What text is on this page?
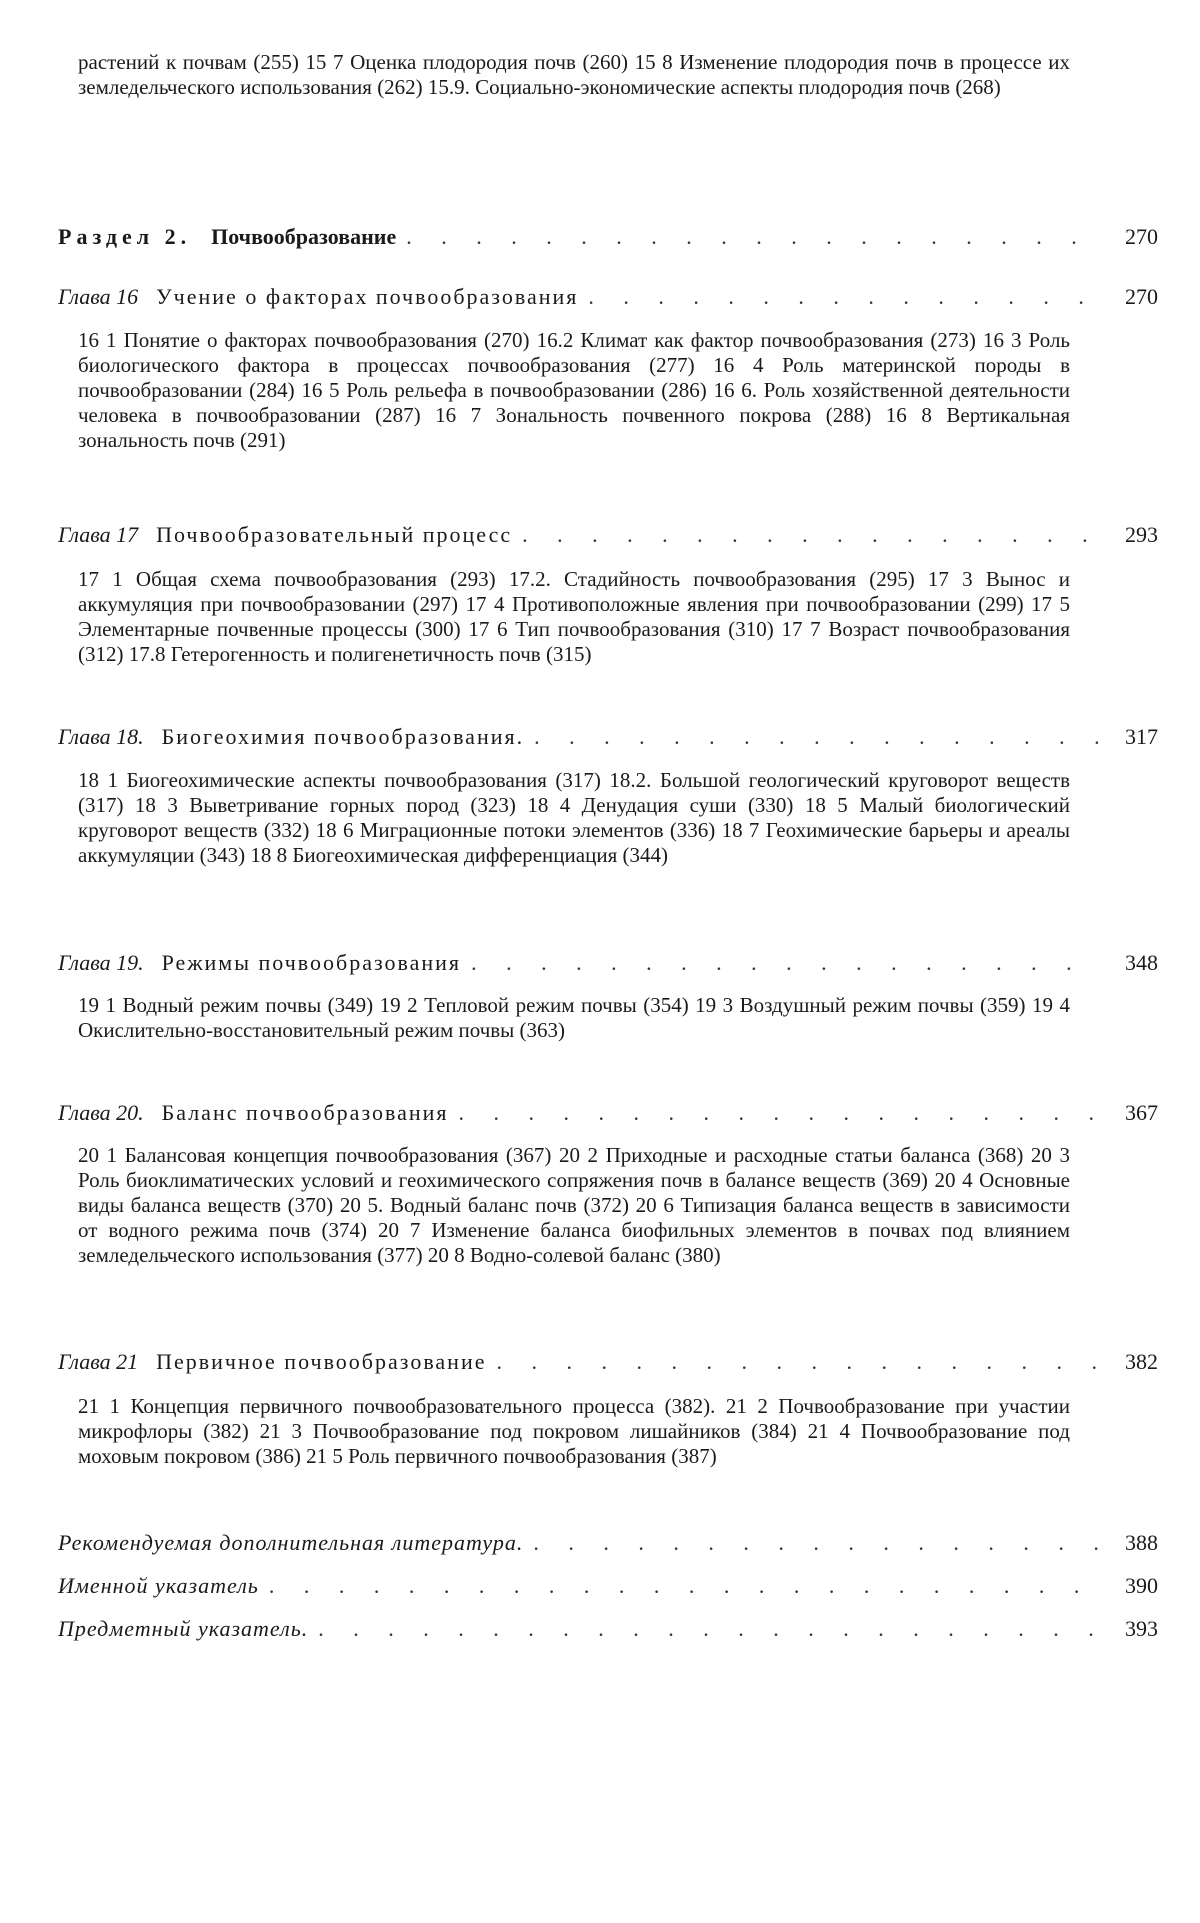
растений к почвам (255) 15 7 Оценка плодородия почв (260) 15 8 Изменение плодородия почв в процессе их земледельческого использования (262) 15.9. Социально-экономические аспекты плодородия почв (268)

Раздел 2. Почвообразование . . .	270
Глава 16 Учение о факторах почвообразования . . .	270

16 1 Понятие о факторах почвообразования (270) 16.2 Климат как фактор почвообразования (273) 16 3 Роль биологического фактора в процессах почвообразования (277) 16 4 Роль материнской породы в почвообразовании (284) 16 5 Роль рельефа в почвообразовании (286) 16 6. Роль хозяйственной деятельности человека в почвообразовании (287) 16 7 Зональность почвенного покрова (288) 16 8 Вертикальная зональность почв (291)

Глава 17 Почвообразовательный процесс . . .	293

17 1 Общая схема почвообразования (293) 17.2. Стадийность почвообразования (295) 17 3 Вынос и аккумуляция при почвообразовании (297) 17 4 Противоположные явления при почвообразовании (299) 17 5 Элементарные почвенные процессы (300) 17 6 Тип почвообразования (310) 17 7 Возраст почвообразования (312) 17.8 Гетерогенность и полигенетичность почв (315)

Глава 18. Биогеохимия почвообразования. . . .	317

18 1 Биогеохимические аспекты почвообразования (317) 18.2. Большой геологический круговорот веществ (317) 18 3 Выветривание горных пород (323) 18 4 Денудация суши (330) 18 5 Малый биологический круговорот веществ (332) 18 6 Миграционные потоки элементов (336) 18 7 Геохимические барьеры и ареалы аккумуляции (343) 18 8 Биогеохимическая дифференциация (344)

Глава 19. Режимы почвообразования . . .	348

19 1 Водный режим почвы (349) 19 2 Тепловой режим почвы (354) 19 3 Воздушный режим почвы (359) 19 4 Окислительно-восстановительный режим почвы (363)

Глава 20. Баланс почвообразования . . .	367

20 1 Балансовая концепция почвообразования (367) 20 2 Приходные и расходные статьи баланса (368) 20 3 Роль биоклиматических условий и геохимического сопряжения почв в балансе веществ (369) 20 4 Основные виды баланса веществ (370) 20 5. Водный баланс почв (372) 20 6 Типизация баланса веществ в зависимости от водного режима почв (374) 20 7 Изменение баланса биофильных элементов в почвах под влиянием земледельческого использования (377) 20 8 Водно-солевой баланс (380)

Глава 21 Первичное почвообразование . . .	382

21 1 Концепция первичного почвообразовательного процесса (382). 21 2 Почвообразование при участии микрофлоры (382) 21 3 Почвообразование под покровом лишайников (384) 21 4 Почвообразование под моховым покровом (386) 21 5 Роль первичного почвообразования (387)

Рекомендуемая дополнительная литература. . . .	388
Именной указатель . . .	390
Предметный указатель. . . .	393
